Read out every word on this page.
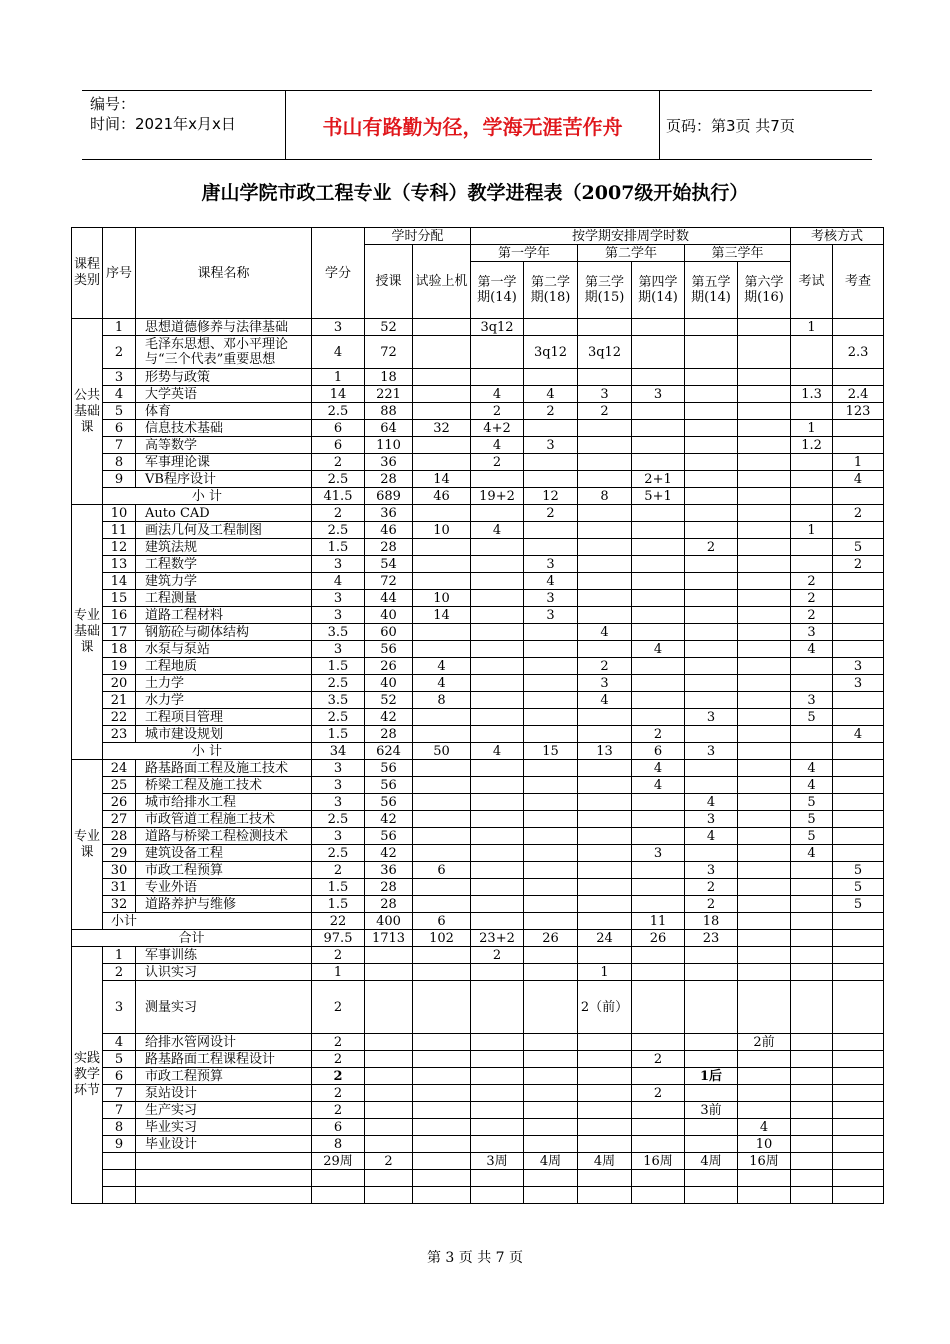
编号：
时间：2021年x月x日	书山有路勤为径，学海无涯苦作舟	页码：第3页 共7页
唐山学院市政工程专业（专科）教学进程表（2007级开始执行）
课程类别	序号	课程名称	学分	学时分配		按学期安排周学时数						考核方式	
				授课	试验上机	第一学年		第二学年		第三学年		考试	考查
						第一学期(14)	第二学期(18)	第三学期(15)	第四学期(14)	第五学期(14)	第六学期(16)		

公共基础课	1	思想道德修养与法律基础	3	52		3q12						1	
	2	毛泽东思想、邓小平理论与“三个代表”重要思想	4	72			3q12	3q12					2.3
	3	形势与政策	1	18									
	4	大学英语	14	221		4	4	3	3			1.3	2.4
	5	体育	2.5	88		2	2	2					123
	6	信息技术基础	6	64	32	4+2						1	
	7	高等数学	6	110		4	3					1.2	
	8	军事理论课	2	36		2							1
	9	VB程序设计	2.5	28	14				2+1				4
	小 计		41.5	689	46	19+2	12	8	5+1				
专业基础课	10	Auto CAD	2	36			2						2
	11	画法几何及工程制图	2.5	46	10	4						1	
	12	建筑法规	1.5	28						2			5
	13	工程数学	3	54			3						2
	14	建筑力学	4	72			4					2	
	15	工程测量	3	44	10		3					2	
	16	道路工程材料	3	40	14		3					2	
	17	钢筋砼与砌体结构	3.5	60				4				3	
	18	水泵与泵站	3	56					4			4	
	19	工程地质	1.5	26	4			2					3
	20	土力学	2.5	40	4			3					3
	21	水力学	3.5	52	8			4				3	
	22	工程项目管理	2.5	42						3		5	
	23	城市建设规划	1.5	28					2				4
	小 计		34	624	50	4	15	13	6	3			
专业课	24	路基路面工程及施工技术	3	56					4			4	
	25	桥梁工程及施工技术	3	56					4			4	
	26	城市给排水工程	3	56						4		5	
	27	市政管道工程施工技术	2.5	42						3		5	
	28	道路与桥梁工程检测技术	3	56						4		5	
	29	建筑设备工程	2.5	42					3			4	
	30	市政工程预算	2	36	6					3			5
	31	专业外语	1.5	28						2			5
	32	道路养护与维修	1.5	28						2			5
	小计		22	400	6				11	18			
合计			97.5	1713	102	23+2	26	24	26	23			
实践教学环节	1	军事训练	2			2							
	2	认识实习	1					1					
	3	测量实习	2					2（前）					
	4	给排水管网设计	2								2前		
	5	路基路面工程课程设计	2						2				
	6	市政工程预算	2							1后			
	7	泵站设计	2						2				
	7	生产实习	2							3前			
	8	毕业实习	6								4		
	9	毕业设计	8								10		
			29周	2		3周	4周	4周	16周	4周	16周		

第 3 页 共 7 页
